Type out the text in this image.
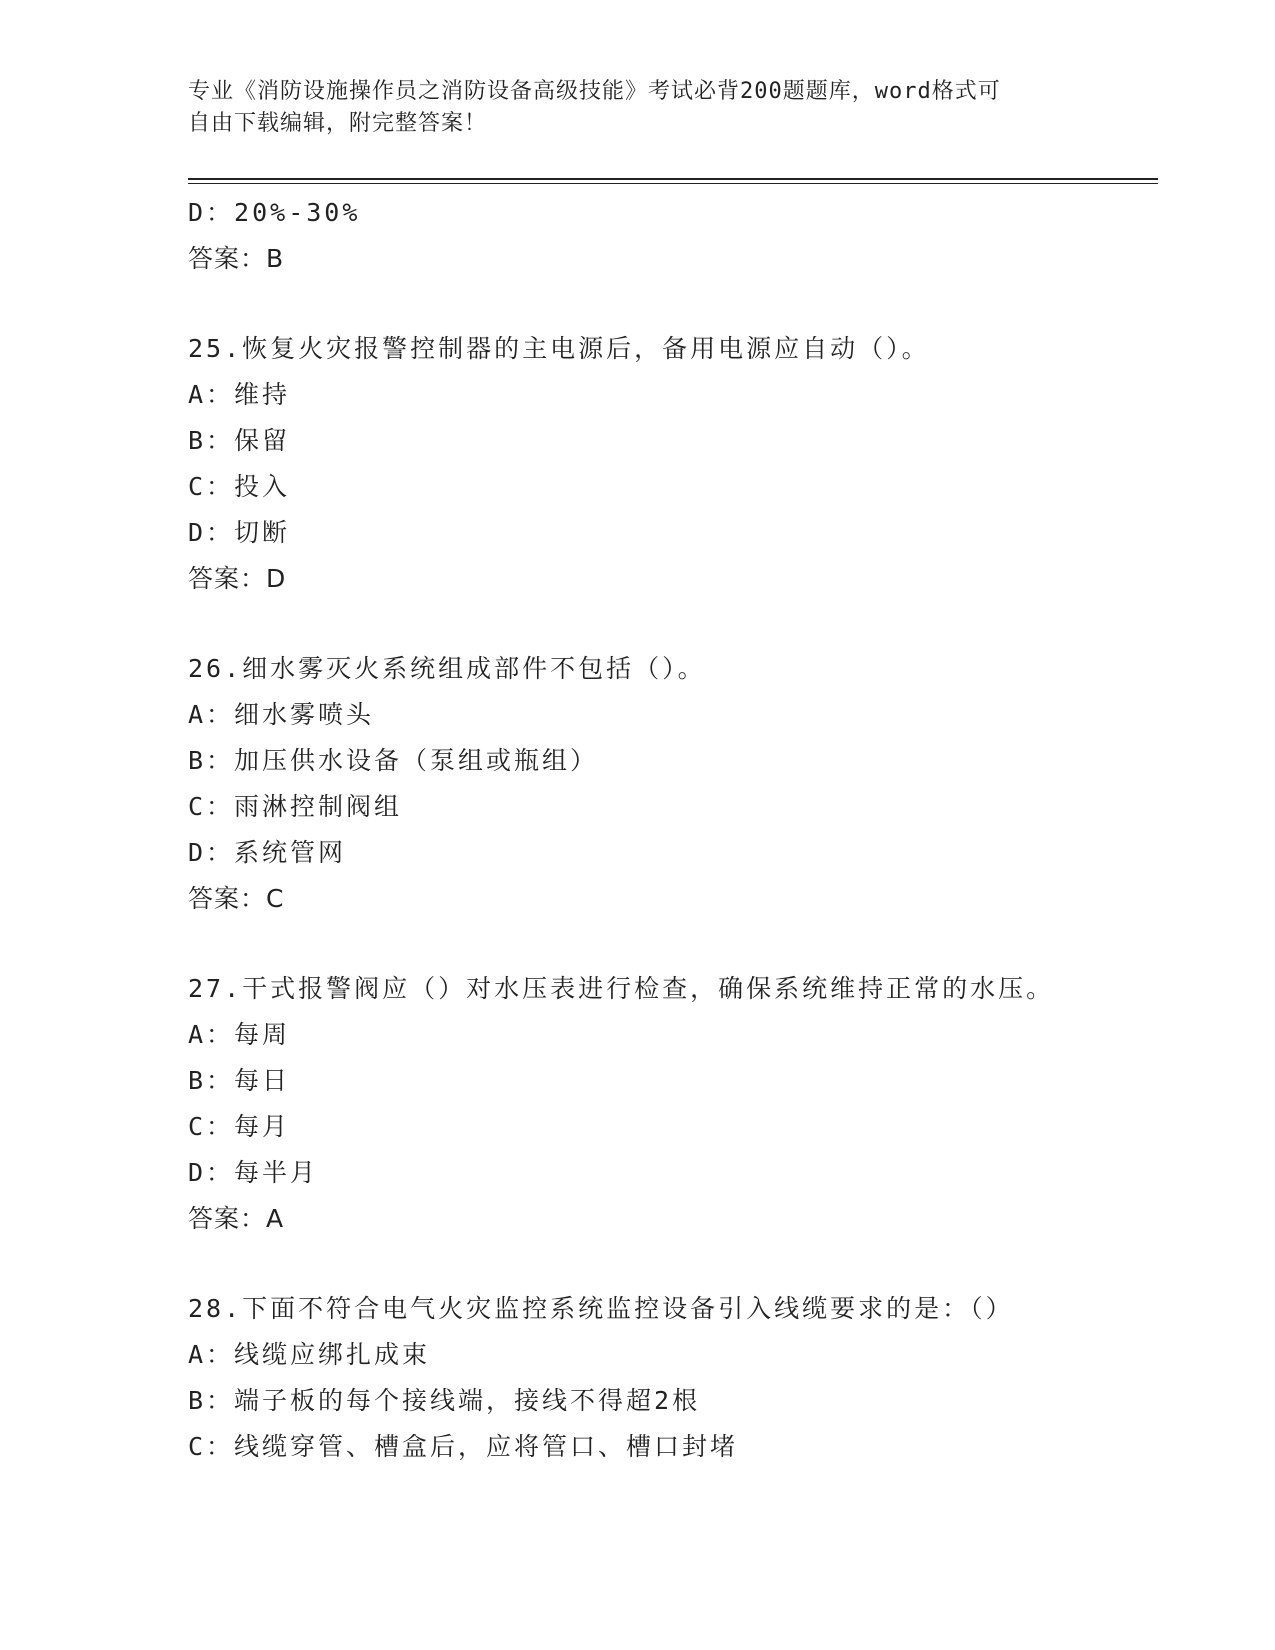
专业《消防设施操作员之消防设备高级技能》考试必背200题题库，word格式可
自由下载编辑，附完整答案！
D：20%-30%
答案：B
25.恢复火灾报警控制器的主电源后，备用电源应自动（）。
A：维持
B：保留
C：投入
D：切断
答案：D
26.细水雾灭火系统组成部件不包括（）。
A：细水雾喷头
B：加压供水设备（泵组或瓶组）
C：雨淋控制阀组
D：系统管网
答案：C
27.干式报警阀应（）对水压表进行检查，确保系统维持正常的水压。
A：每周
B：每日
C：每月
D：每半月
答案：A
28.下面不符合电气火灾监控系统监控设备引入线缆要求的是：（）
A：线缆应绑扎成束
B：端子板的每个接线端，接线不得超2根
C：线缆穿管、槽盒后，应将管口、槽口封堵
